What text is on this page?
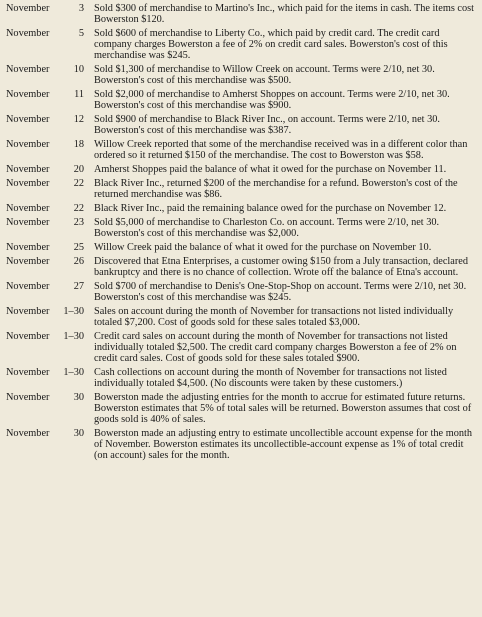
November	3 Sold $300 of merchandise to Martino's Inc., which paid for the items in cash. The items cost Bowerston $120.
November	5 Sold $600 of merchandise to Liberty Co., which paid by credit card. The credit card company charges Bowerston a fee of 2% on credit card sales. Bowerston's cost of this merchandise was $245.
November	10 Sold $1,300 of merchandise to Willow Creek on account. Terms were 2/10, net 30. Bowerston's cost of this merchandise was $500.
November	11 Sold $2,000 of merchandise to Amherst Shoppes on account. Terms were 2/10, net 30. Bowerston's cost of this merchandise was $900.
November	12 Sold $900 of merchandise to Black River Inc., on account. Terms were 2/10, net 30. Bowerston's cost of this merchandise was $387.
November	18 Willow Creek reported that some of the merchandise received was in a different color than ordered so it returned $150 of the merchandise. The cost to Bowerston was $58.
November	20 Amherst Shoppes paid the balance of what it owed for the purchase on November 11.
November	22 Black River Inc., returned $200 of the merchandise for a refund. Bowerston's cost of the returned merchandise was $86.
November	22 Black River Inc., paid the remaining balance owed for the purchase on November 12.
November	23 Sold $5,000 of merchandise to Charleston Co. on account. Terms were 2/10, net 30. Bowerston's cost of this merchandise was $2,000.
November	25 Willow Creek paid the balance of what it owed for the purchase on November 10.
November	26 Discovered that Etna Enterprises, a customer owing $150 from a July transaction, declared bankruptcy and there is no chance of collection. Wrote off the balance of Etna's account.
November	27 Sold $700 of merchandise to Denis's One-Stop-Shop on account. Terms were 2/10, net 30. Bowerston's cost of this merchandise was $245.
November	1–30 Sales on account during the month of November for transactions not listed individually totaled $7,200. Cost of goods sold for these sales totaled $3,000.
November	1–30 Credit card sales on account during the month of November for transactions not listed individually totaled $2,500. The credit card company charges Bowerston a fee of 2% on credit card sales. Cost of goods sold for these sales totaled $900.
November	1–30 Cash collections on account during the month of November for transactions not listed individually totaled $4,500. (No discounts were taken by these customers.)
November	30 Bowerston made the adjusting entries for the month to accrue for estimated future returns. Bowerston estimates that 5% of total sales will be returned. Bowerston assumes that cost of goods sold is 40% of sales.
November	30 Bowerston made an adjusting entry to estimate uncollectible account expense for the month of November. Bowerston estimates its uncollectible-account expense as 1% of total credit (on account) sales for the month.
